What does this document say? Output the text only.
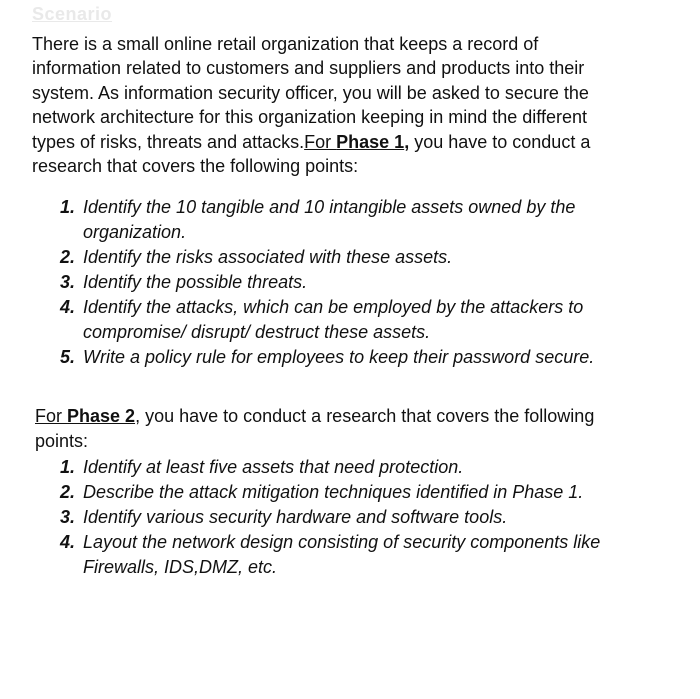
Scenario

There is a small online retail organization that keeps a record of information related to customers and suppliers and products into their system. As information security officer, you will be asked to secure the network architecture for this organization keeping in mind the different types of risks, threats and attacks.For Phase 1, you have to conduct a research that covers the following points:

1. Identify the 10 tangible and 10 intangible assets owned by the organization.
2. Identify the risks associated with these assets.
3. Identify the possible threats.
4. Identify the attacks, which can be employed by the attackers to compromise/ disrupt/ destruct these assets.
5. Write a policy rule for employees to keep their password secure.

For Phase 2, you have to conduct a research that covers the following points:

1. Identify at least five assets that need protection.
2. Describe the attack mitigation techniques identified in Phase 1.
3. Identify various security hardware and software tools.
4. Layout the network design consisting of security components like Firewalls, IDS,DMZ, etc.
